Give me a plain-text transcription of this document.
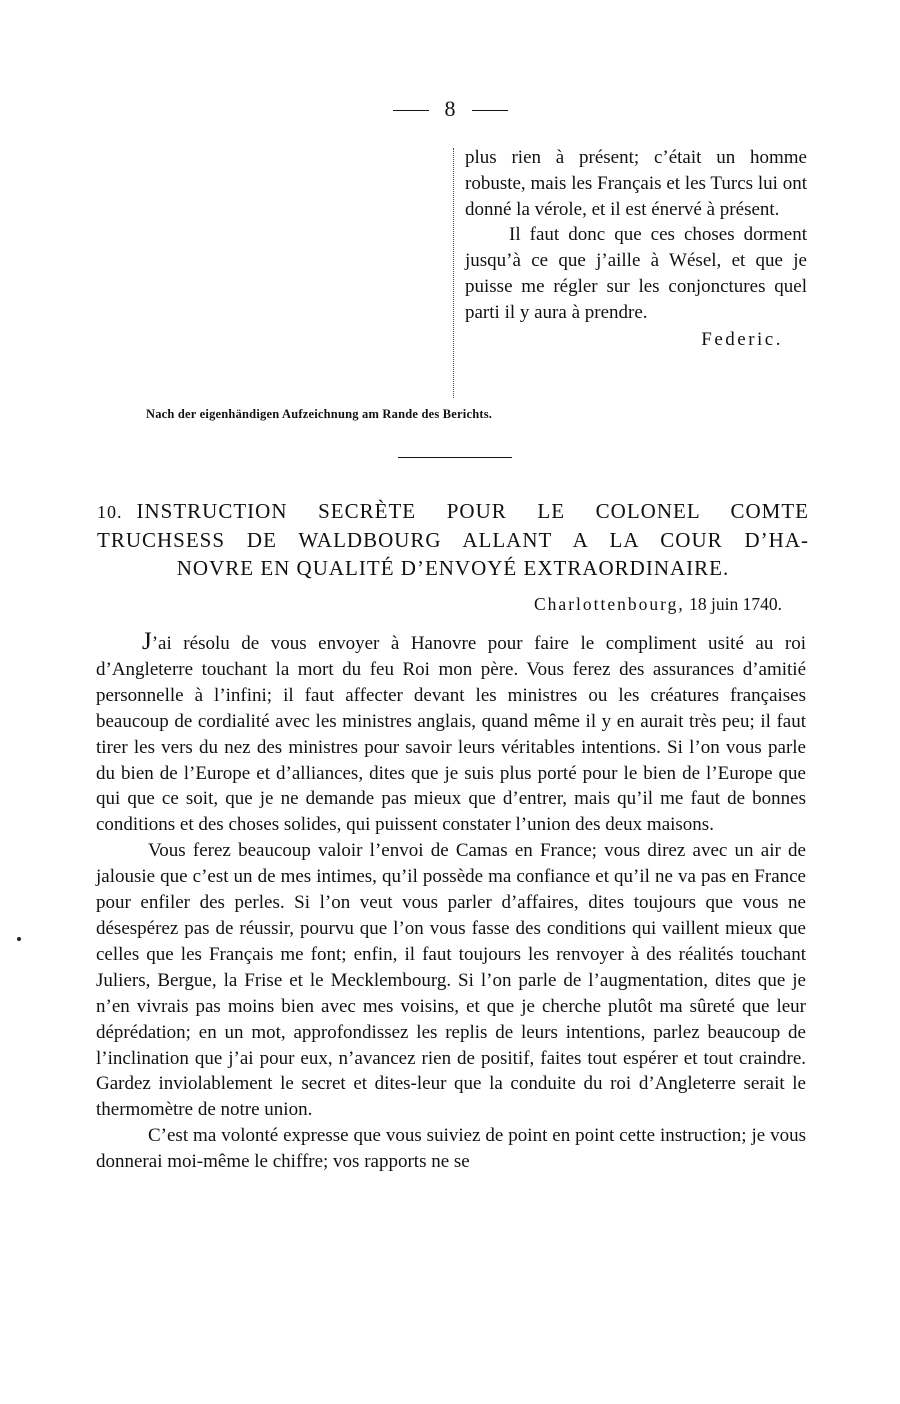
8

plus rien à présent; c’était un homme robuste, mais les Français et les Turcs lui ont donné la vérole, et il est énervé à présent.

Il faut donc que ces choses dorment jusqu’à ce que j’aille à Wésel, et que je puisse me régler sur les conjonctures quel parti il y aura à prendre.

Federic.
Nach der eigenhändigen Aufzeichnung am Rande des Berichts.
10. INSTRUCTION SECRÈTE POUR LE COLONEL COMTE
TRUCHSESS DE WALDBOURG ALLANT A LA COUR D’HA-
NOVRE EN QUALITÉ D’ENVOYÉ EXTRAORDINAIRE.
Charlottenbourg, 18 juin 1740.

J’ai résolu de vous envoyer à Hanovre pour faire le compliment usité au roi d’Angleterre touchant la mort du feu Roi mon père. Vous ferez des assurances d’amitié personnelle à l’infini; il faut affecter devant les ministres ou les créatures françaises beaucoup de cordialité avec les ministres anglais, quand même il y en aurait très peu; il faut tirer les vers du nez des ministres pour savoir leurs véritables intentions. Si l’on vous parle du bien de l’Europe et d’alliances, dites que je suis plus porté pour le bien de l’Europe que qui que ce soit, que je ne demande pas mieux que d’entrer, mais qu’il me faut de bonnes conditions et des choses solides, qui puissent constater l’union des deux maisons.

Vous ferez beaucoup valoir l’envoi de Camas en France; vous direz avec un air de jalousie que c’est un de mes intimes, qu’il possède ma confiance et qu’il ne va pas en France pour enfiler des perles. Si l’on veut vous parler d’affaires, dites toujours que vous ne désespérez pas de réussir, pourvu que l’on vous fasse des conditions qui vaillent mieux que celles que les Français me font; enfin, il faut toujours les renvoyer à des réalités touchant Juliers, Bergue, la Frise et le Mecklembourg. Si l’on parle de l’augmentation, dites que je n’en vivrais pas moins bien avec mes voisins, et que je cherche plutôt ma sûreté que leur déprédation; en un mot, approfondissez les replis de leurs intentions, parlez beaucoup de l’inclination que j’ai pour eux, n’avancez rien de positif, faites tout espérer et tout craindre. Gardez inviolablement le secret et dites-leur que la conduite du roi d’Angleterre serait le thermomètre de notre union.

C’est ma volonté expresse que vous suiviez de point en point cette instruction; je vous donnerai moi-même le chiffre; vos rapports ne se
